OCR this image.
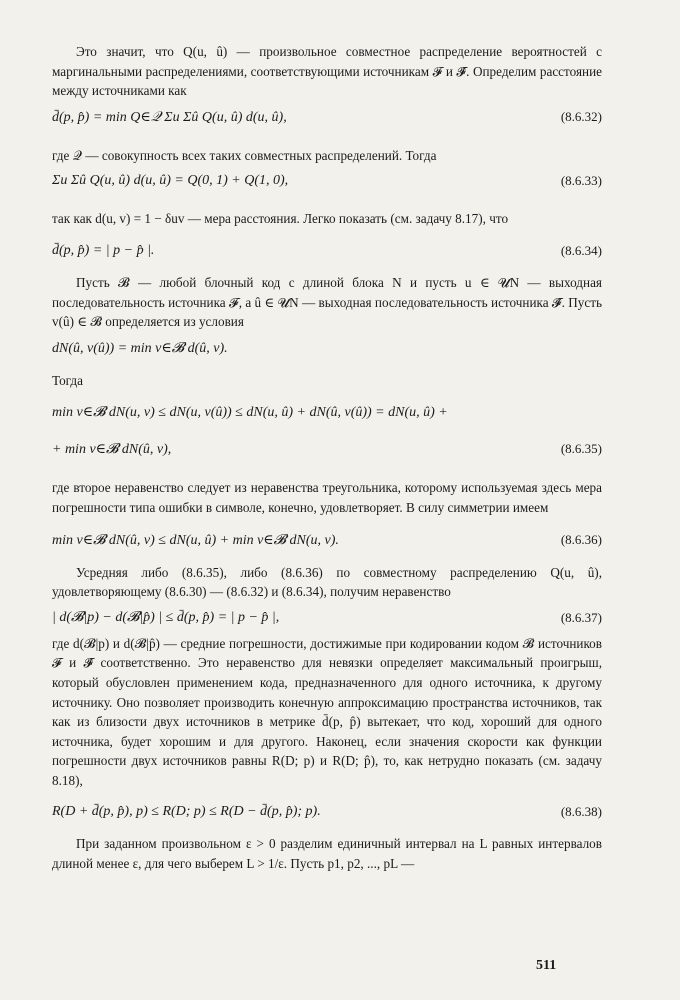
Это значит, что Q(u, û) — произвольное совместное распределение вероятностей с маргинальными распределениями, соответствующими источникам 𝓕 и 𝓕̂. Определим расстояние между источниками как

d̄(p, p̂) = min Q∈𝒬 Σu Σû Q(u, û) d(u, û),	(8.6.32)

где 𝒬 — совокупность всех таких совместных распределений. Тогда

Σu Σû Q(u, û) d(u, û) = Q(0, 1) + Q(1, 0),	(8.6.33)

так как d(u, v) = 1 − δuv — мера расстояния. Легко показать (см. задачу 8.17), что

d̄(p, p̂) = | p − p̂ |.	(8.6.34)

Пусть 𝓑 — любой блочный код с длиной блока N и пусть u ∈ 𝓤N — выходная последовательность источника 𝓕, а û ∈ 𝓤N — выходная последовательность источника 𝓕̂. Пусть v(û) ∈ 𝓑 определяется из условия

dN(û, v(û)) = min v∈𝓑 d(û, v).

Тогда

min v∈𝓑 dN(u, v) ≤ dN(u, v(û)) ≤ dN(u, û) + dN(û, v(û)) = dN(u, û) +
+ min v∈𝓑 dN(û, v),	(8.6.35)

где второе неравенство следует из неравенства треугольника, которому используемая здесь мера погрешности типа ошибки в символе, конечно, удовлетворяет. В силу симметрии имеем

min v∈𝓑 dN(û, v) ≤ dN(u, û) + min v∈𝓑 dN(u, v).	(8.6.36)

Усредняя либо (8.6.35), либо (8.6.36) по совместному распределению Q(u, û), удовлетворяющему (8.6.30) — (8.6.32) и (8.6.34), получим неравенство

| d(𝓑|p) − d(𝓑|p̂) | ≤ d̄(p, p̂) = | p − p̂ |,	(8.6.37)

где d(𝓑|p) и d(𝓑|p̂) — средние погрешности, достижимые при кодировании кодом 𝓑 источников 𝓕 и 𝓕̂ соответственно. Это неравенство для невязки определяет максимальный проигрыш, который обусловлен применением кода, предназначенного для одного источника, к другому источнику. Оно позволяет производить конечную аппроксимацию пространства источников, так как из близости двух источников в метрике d̄(p, p̂) вытекает, что код, хороший для одного источника, будет хорошим и для другого. Наконец, если значения скорости как функции погрешности двух источников равны R(D; p) и R(D; p̂), то, как нетрудно показать (см. задачу 8.18),

R(D + d̄(p, p̂), p) ≤ R(D; p) ≤ R(D − d̄(p, p̂); p).	(8.6.38)

При заданном произвольном ε > 0 разделим единичный интервал на L равных интервалов длиной менее ε, для чего выберем L > 1/ε. Пусть p1, p2, ..., pL —

511
